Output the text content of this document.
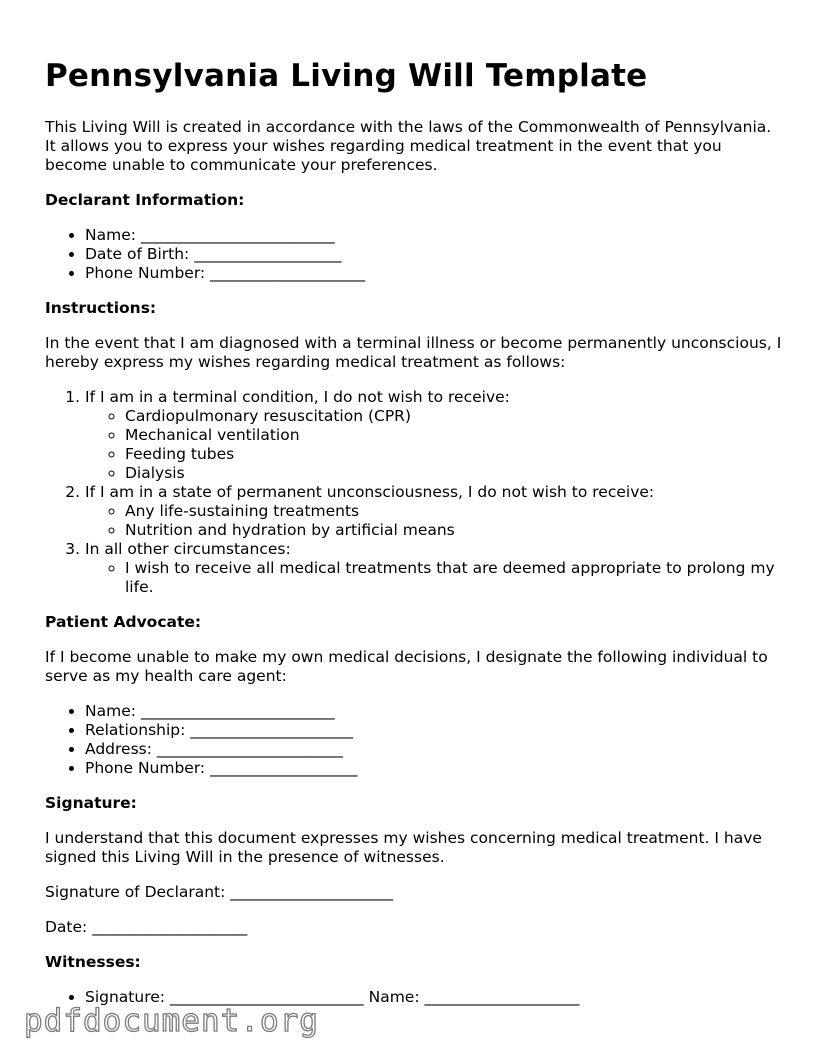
Pennsylvania Living Will Template

This Living Will is created in accordance with the laws of the Commonwealth of Pennsylvania. It allows you to express your wishes regarding medical treatment in the event that you become unable to communicate your preferences.

Declarant Information:
• Name: _________________________
• Date of Birth: ___________________
• Phone Number: ____________________
Instructions:

In the event that I am diagnosed with a terminal illness or become permanently unconscious, I hereby express my wishes regarding medical treatment as follows:

1. If I am in a terminal condition, I do not wish to receive:
◦ Cardiopulmonary resuscitation (CPR)
◦ Mechanical ventilation
◦ Feeding tubes
◦ Dialysis
2. If I am in a state of permanent unconsciousness, I do not wish to receive:
◦ Any life-sustaining treatments
◦ Nutrition and hydration by artificial means
3. In all other circumstances:
◦ I wish to receive all medical treatments that are deemed appropriate to prolong my life.
Patient Advocate:

If I become unable to make my own medical decisions, I designate the following individual to serve as my health care agent:

• Name: _________________________
• Relationship: _____________________
• Address: ________________________
• Phone Number: ___________________
Signature:

I understand that this document expresses my wishes concerning medical treatment. I have signed this Living Will in the presence of witnesses.

Signature of Declarant: _____________________

Date: ____________________

Witnesses:
• Signature: _________________________ Name: ____________________
pdfdocument.org
